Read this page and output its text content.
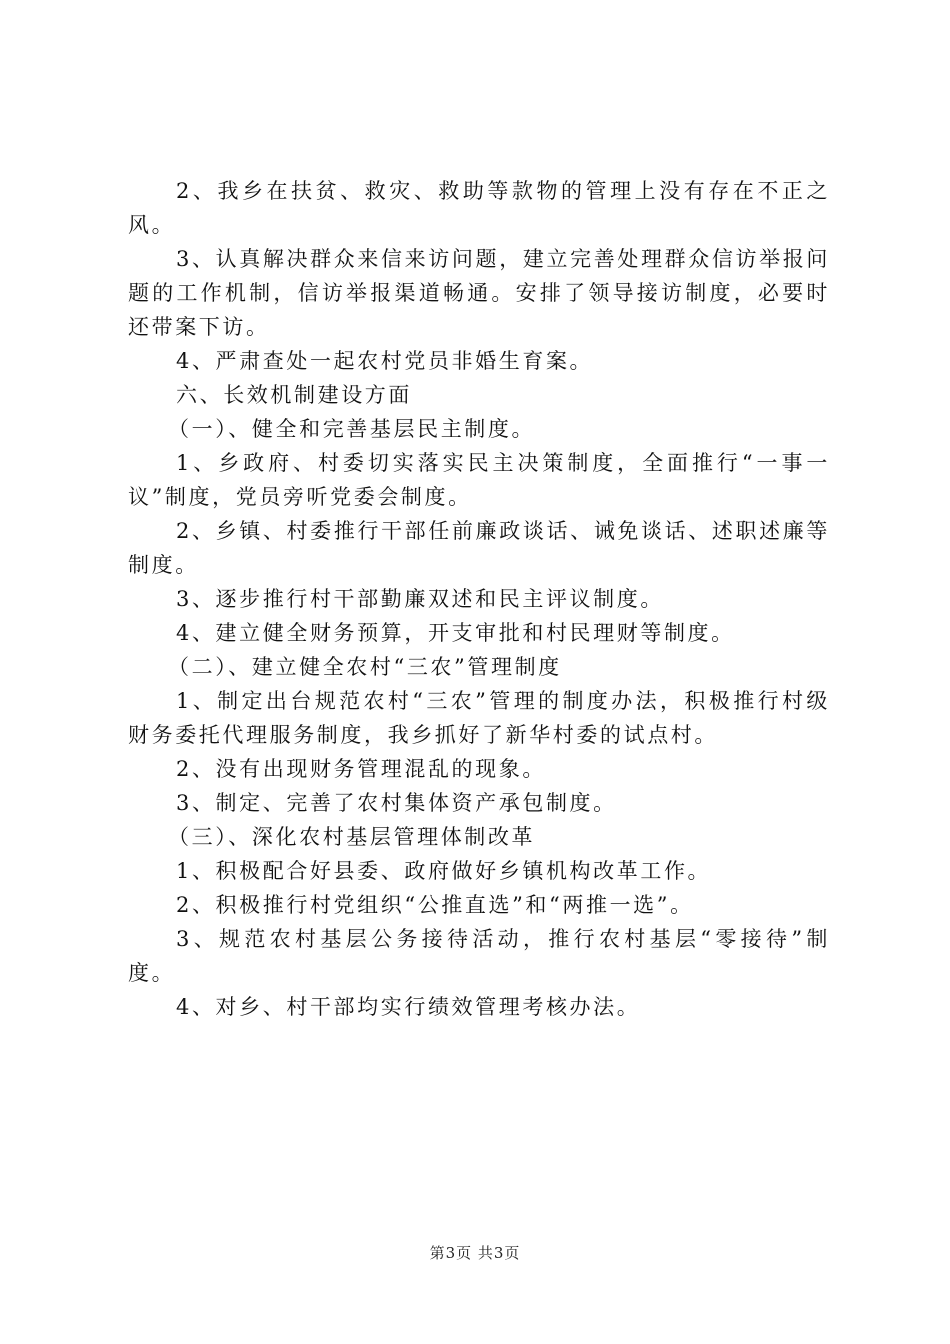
2、我乡在扶贫、救灾、救助等款物的管理上没有存在不正之风。

3、认真解决群众来信来访问题，建立完善处理群众信访举报问题的工作机制，信访举报渠道畅通。安排了领导接访制度，必要时还带案下访。

4、严肃查处一起农村党员非婚生育案。

六、长效机制建设方面

（一）、健全和完善基层民主制度。

1、乡政府、村委切实落实民主决策制度，全面推行“一事一议”制度，党员旁听党委会制度。

2、乡镇、村委推行干部任前廉政谈话、诫免谈话、述职述廉等制度。

3、逐步推行村干部勤廉双述和民主评议制度。

4、建立健全财务预算，开支审批和村民理财等制度。

（二）、建立健全农村“三农”管理制度

1、制定出台规范农村“三农”管理的制度办法，积极推行村级财务委托代理服务制度，我乡抓好了新华村委的试点村。

2、没有出现财务管理混乱的现象。

3、制定、完善了农村集体资产承包制度。

（三）、深化农村基层管理体制改革

1、积极配合好县委、政府做好乡镇机构改革工作。

2、积极推行村党组织“公推直选”和“两推一选”。

3、规范农村基层公务接待活动，推行农村基层“零接待”制度。

4、对乡、村干部均实行绩效管理考核办法。

第3页 共3页
